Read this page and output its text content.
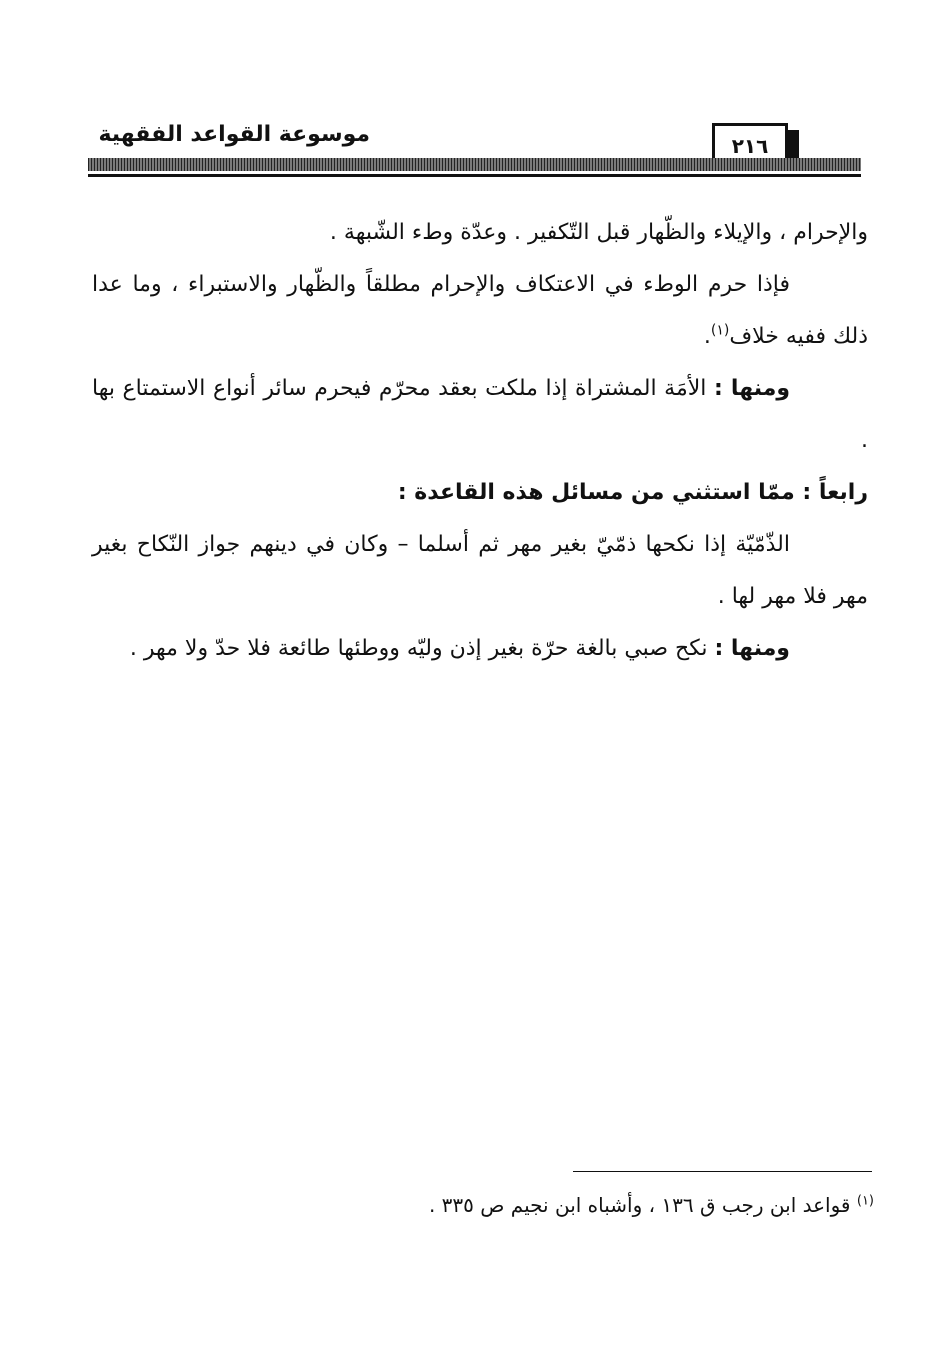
موسوعة القواعد الفقهية	٢١٦

والإحرام ، والإيلاء والظّهار قبل التّكفير . وعدّة وطء الشّبهة .

فإذا حرم الوطء في الاعتكاف والإحرام مطلقاً والظّهار والاستبراء ، وما عدا ذلك ففيه خلاف$^{(١)}$.

ومنها : الأمَة المشتراة إذا ملكت بعقد محرّم فيحرم سائر أنواع الاستمتاع بها .

رابعاً : ممّا استثني من مسائل هذه القاعدة :

الذّمّيّة إذا نكحها ذمّيّ بغير مهر ثم أسلما – وكان في دينهم جواز النّكاح بغير مهر فلا مهر لها .

ومنها : نكح صبي بالغة حرّة بغير إذن وليّه ووطئها طائعة فلا حدّ ولا مهر .

$^{(١)}$ قواعد ابن رجب ق ١٣٦ ، وأشباه ابن نجيم ص ٣٣٥ .
